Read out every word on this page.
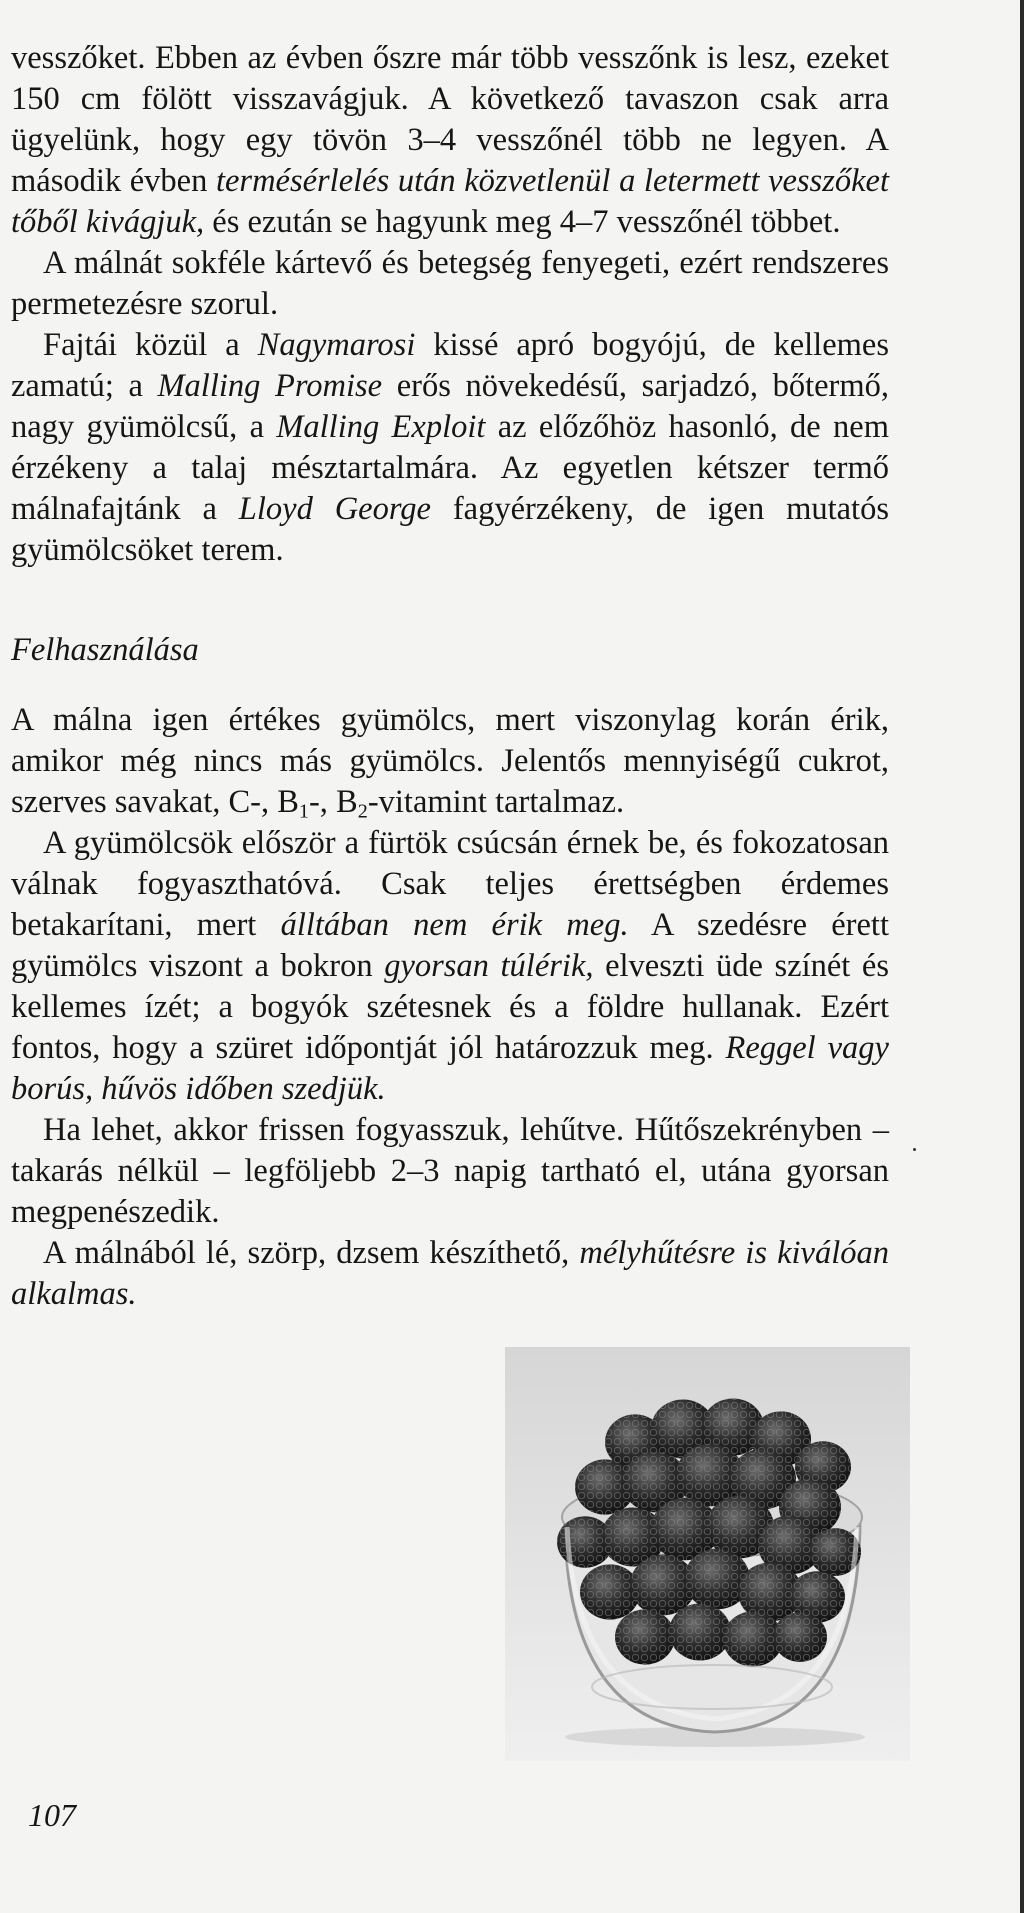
vesszőket. Ebben az évben őszre már több vesszőnk is lesz, ezeket 150 cm fölött visszavágjuk. A következő tavaszon csak arra ügyelünk, hogy egy tövön 3–4 vesszőnél több ne legyen. A második évben termésérlelés után közvetlenül a letermett vesszőket tőből kivágjuk, és ezután se hagyunk meg 4–7 vesszőnél többet.

A málnát sokféle kártevő és betegség fenyegeti, ezért rendszeres permetezésre szorul.

Fajtái közül a Nagymarosi kissé apró bogyójú, de kellemes zamatú; a Malling Promise erős növekedésű, sarjadzó, bőtermő, nagy gyümölcsű, a Malling Exploit az előzőhöz hasonló, de nem érzékeny a talaj mésztartalmára. Az egyetlen kétszer termő málnafajtánk a Lloyd George fagyérzékeny, de igen mutatós gyümölcsöket terem.

Felhasználása

A málna igen értékes gyümölcs, mert viszonylag korán érik, amikor még nincs más gyümölcs. Jelentős mennyiségű cukrot, szerves savakat, C-, $B_1-$, $B_2$-vitamint tartalmaz.

A gyümölcsök először a fürtök csúcsán érnek be, és fokozatosan válnak fogyaszthatóvá. Csak teljes érettségben érdemes betakarítani, mert álltában nem érik meg. A szedésre érett gyümölcs viszont a bokron gyorsan túlérik, elveszti üde színét és kellemes ízét; a bogyók szétesnek és a földre hullanak. Ezért fontos, hogy a szüret időpontját jól határozzuk meg. Reggel vagy borús, hűvös időben szedjük.

Ha lehet, akkor frissen fogyasszuk, lehűtve. Hűtőszekrényben – takarás nélkül – legföljebb 2–3 napig tartható el, utána gyorsan megpenészedik.

A málnából lé, szörp, dzsem készíthető, mélyhűtésre is kiválóan alkalmas.

107
